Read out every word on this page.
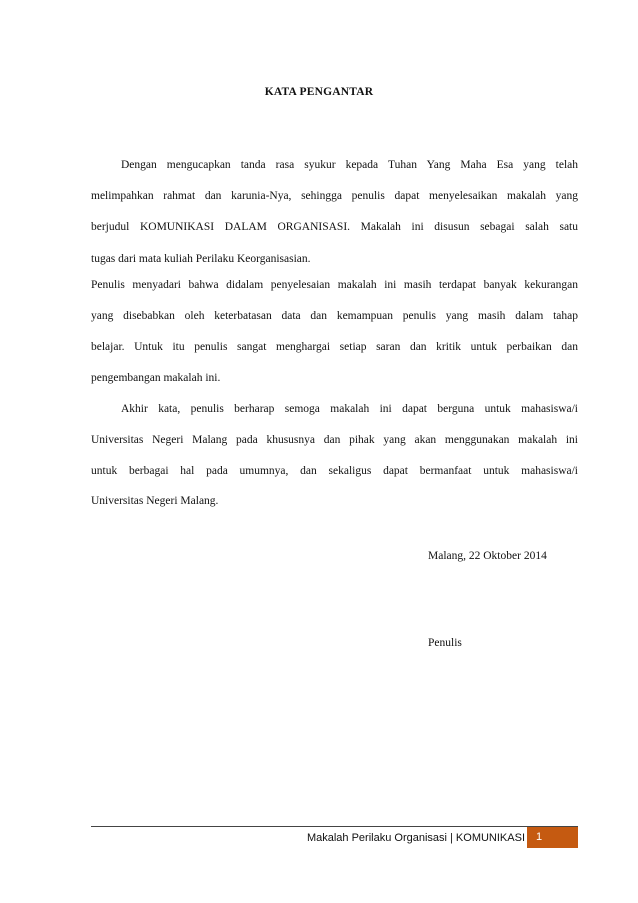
KATA PENGANTAR
Dengan mengucapkan tanda rasa syukur kepada Tuhan Yang Maha Esa yang telah
melimpahkan rahmat dan karunia-Nya, sehingga penulis dapat menyelesaikan makalah yang
berjudul KOMUNIKASI DALAM ORGANISASI. Makalah ini disusun sebagai salah satu
tugas dari mata kuliah Perilaku Keorganisasian.
Penulis menyadari bahwa didalam penyelesaian makalah ini masih terdapat banyak kekurangan
yang disebabkan oleh keterbatasan data dan kemampuan penulis yang masih dalam tahap
belajar. Untuk itu penulis sangat menghargai setiap saran dan kritik untuk perbaikan dan
pengembangan makalah ini.
Akhir kata, penulis berharap semoga makalah ini dapat berguna untuk mahasiswa/i
Universitas Negeri Malang pada khususnya dan pihak yang akan menggunakan makalah ini
untuk berbagai hal pada umumnya, dan sekaligus dapat bermanfaat untuk mahasiswa/i
Universitas Negeri Malang.
Malang, 22 Oktober 2014
Penulis
Makalah Perilaku Organisasi | KOMUNIKASI	1
